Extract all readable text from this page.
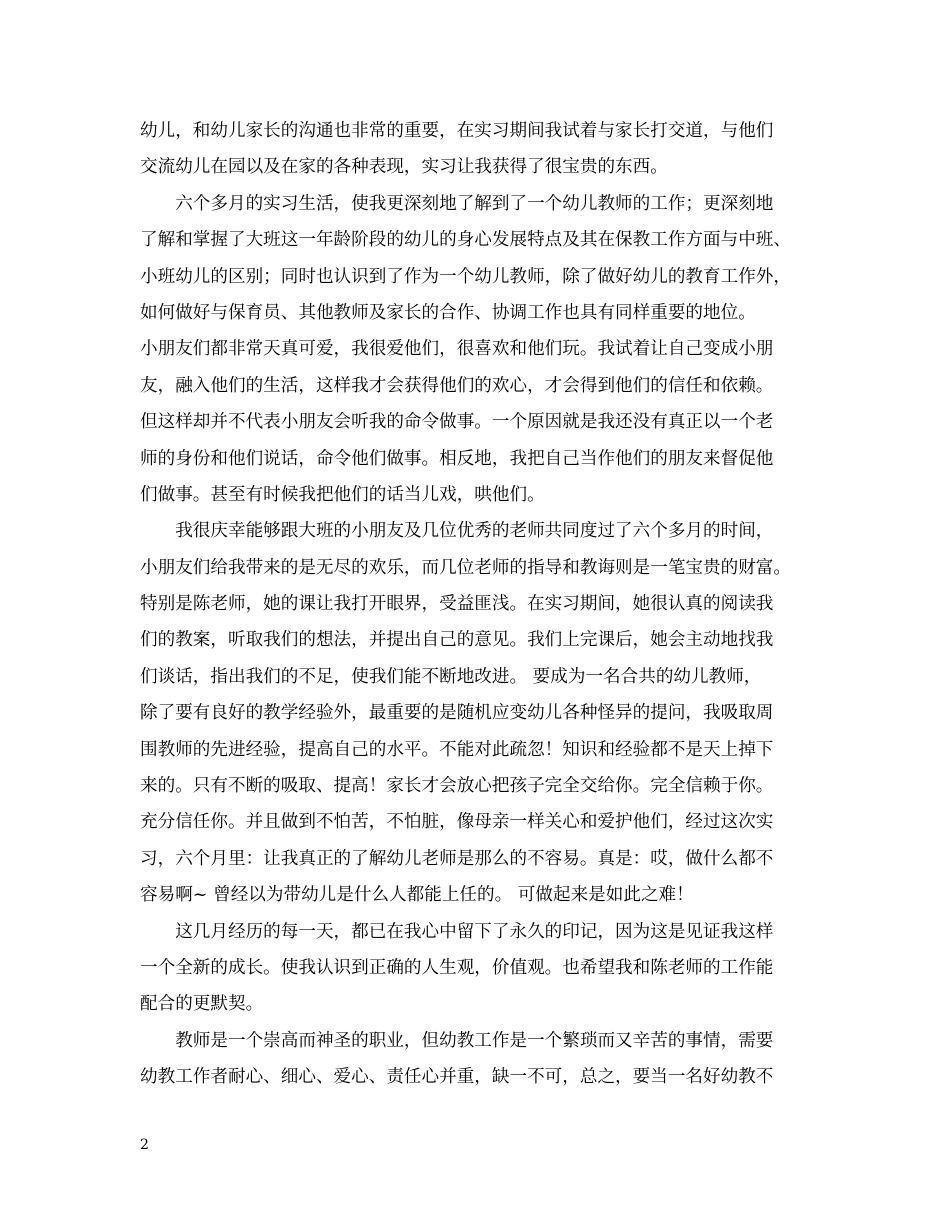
幼儿，和幼儿家长的沟通也非常的重要，在实习期间我试着与家长打交道，与他们
交流幼儿在园以及在家的各种表现，实习让我获得了很宝贵的东西。
　　六个多月的实习生活，使我更深刻地了解到了一个幼儿教师的工作；更深刻地
了解和掌握了大班这一年龄阶段的幼儿的身心发展特点及其在保教工作方面与中班、
小班幼儿的区别；同时也认识到了作为一个幼儿教师，除了做好幼儿的教育工作外，
如何做好与保育员、其他教师及家长的合作、协调工作也具有同样重要的地位。
小朋友们都非常天真可爱，我很爱他们，很喜欢和他们玩。我试着让自己变成小朋
友，融入他们的生活，这样我才会获得他们的欢心，才会得到他们的信任和依赖。
但这样却并不代表小朋友会听我的命令做事。一个原因就是我还没有真正以一个老
师的身份和他们说话，命令他们做事。相反地，我把自己当作他们的朋友来督促他
们做事。甚至有时候我把他们的话当儿戏，哄他们。
　　我很庆幸能够跟大班的小朋友及几位优秀的老师共同度过了六个多月的时间，
小朋友们给我带来的是无尽的欢乐，而几位老师的指导和教诲则是一笔宝贵的财富。
特别是陈老师，她的课让我打开眼界，受益匪浅。在实习期间，她很认真的阅读我
们的教案，听取我们的想法，并提出自己的意见。我们上完课后，她会主动地找我
们谈话，指出我们的不足，使我们能不断地改进。 要成为一名合共的幼儿教师，
除了要有良好的教学经验外，最重要的是随机应变幼儿各种怪异的提问，我吸取周
围教师的先进经验，提高自己的水平。不能对此疏忽！知识和经验都不是天上掉下
来的。只有不断的吸取、提高！家长才会放心把孩子完全交给你。完全信赖于你。
充分信任你。并且做到不怕苦，不怕脏，像母亲一样关心和爱护他们，经过这次实
习，六个月里：让我真正的了解幼儿老师是那么的不容易。真是：哎，做什么都不
容易啊~ 曾经以为带幼儿是什么人都能上任的。 可做起来是如此之难！
　　这几月经历的每一天，都已在我心中留下了永久的印记，因为这是见证我这样
一个全新的成长。使我认识到正确的人生观，价值观。也希望我和陈老师的工作能
配合的更默契。
　　教师是一个崇高而神圣的职业，但幼教工作是一个繁琐而又辛苦的事情，需要
幼教工作者耐心、细心、爱心、责任心并重，缺一不可，总之，要当一名好幼教不
2
